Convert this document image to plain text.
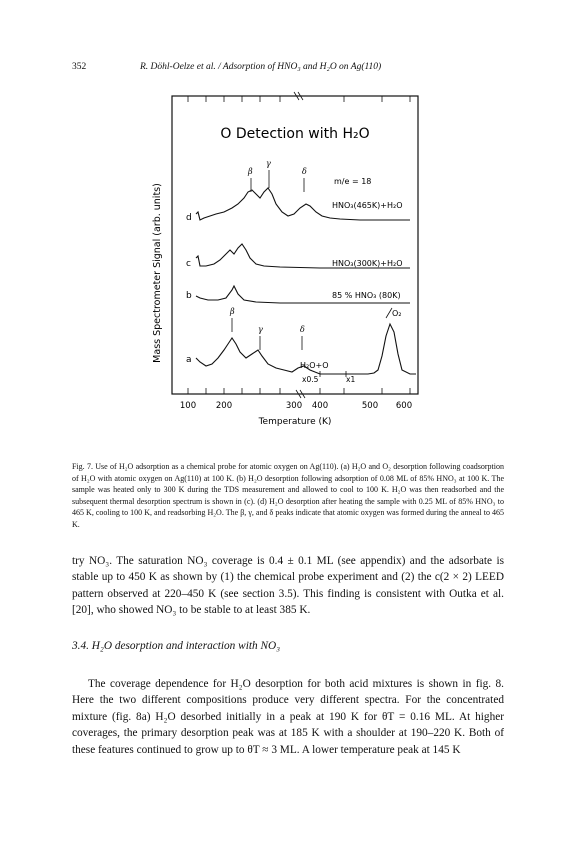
352	R. Döhl-Oelze et al. / Adsorption of HNO₃ and H₂O on Ag(110)
O Detection with H₂O
Mass Spectrometer Signal (arb. units)
m/e = 18
β
γ
δ
d
HNO₃(465K)+H₂O
c	HNO₃(300K)+H₂O
b	85 % HNO₃ (80K)
β
γ	δ
a
H₂O+O
x0.5	x1
O₂
100 200	300 400	500 600
Temperature (K)
Fig. 7. Use of H₂O adsorption as a chemical probe for atomic oxygen on Ag(110). (a) H₂O and O₂ desorption following coadsorption of H₂O with atomic oxygen on Ag(110) at 100 K. (b) H₂O desorption following adsorption of 0.08 ML of 85% HNO₃ at 100 K. The sample was heated only to 300 K during the TDS measurement and allowed to cool to 100 K. H₂O was then readsorbed and the subsequent thermal desorption spectrum is shown in (c). (d) H₂O desorption after heating the sample with 0.25 ML of 85% HNO₃ to 465 K, cooling to 100 K, and readsorbing H₂O. The β, γ, and δ peaks indicate that atomic oxygen was formed during the anneal to 465 K.
try NO₃. The saturation NO₃ coverage is 0.4 ± 0.1 ML (see appendix) and the adsorbate is stable up to 450 K as shown by (1) the chemical probe experiment and (2) the c(2 × 2) LEED pattern observed at 220–450 K (see section 3.5). This finding is consistent with Outka et al. [20], who showed NO₃ to be stable to at least 385 K.
3.4. H₂O desorption and interaction with NO₃
The coverage dependence for H₂O desorption for both acid mixtures is shown in fig. 8. Here the two different compositions produce very different spectra. For the concentrated mixture (fig. 8a) H₂O desorbed initially in a peak at 190 K for θT = 0.16 ML. At higher coverages, the primary desorption peak was at 185 K with a shoulder at 190–220 K. Both of these features continued to grow up to θT ≈ 3 ML. A lower temperature peak at 145 K
